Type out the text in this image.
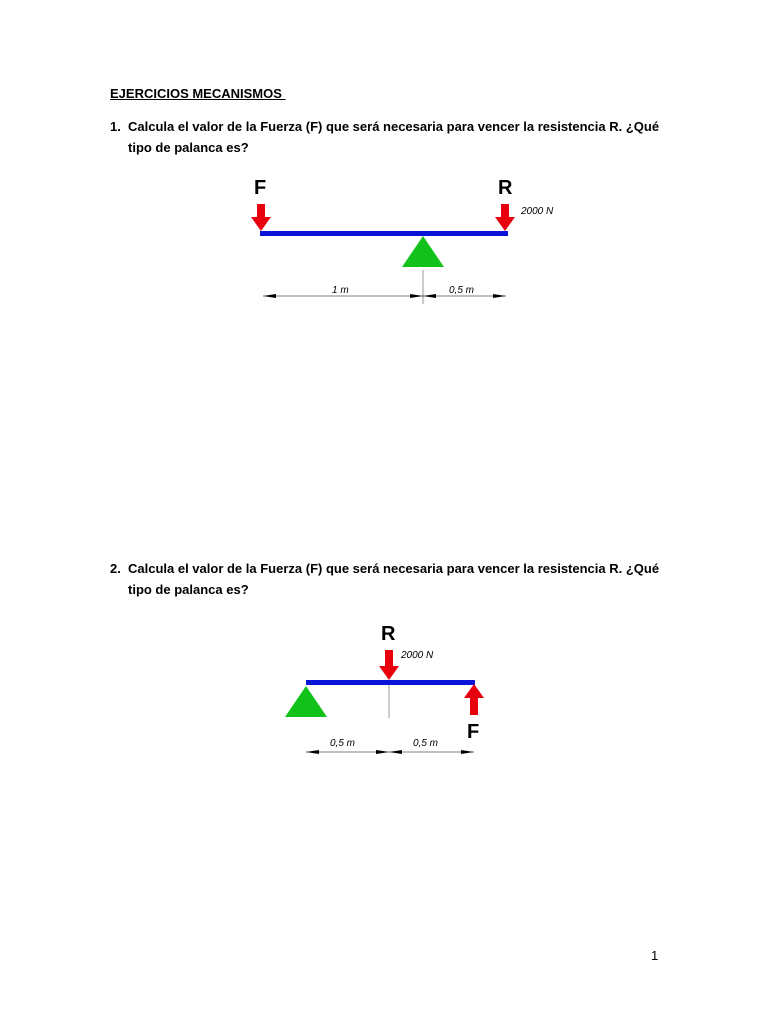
EJERCICIOS MECANISMOS
1. Calcula el valor de la Fuerza (F) que será necesaria para vencer la resistencia R. ¿Qué tipo de palanca es?
F	R
2000 N
1 m	0,5 m
2. Calcula el valor de la Fuerza (F) que será necesaria para vencer la resistencia R. ¿Qué tipo de palanca es?
R
2000 N
F
0,5 m	0,5 m
1
